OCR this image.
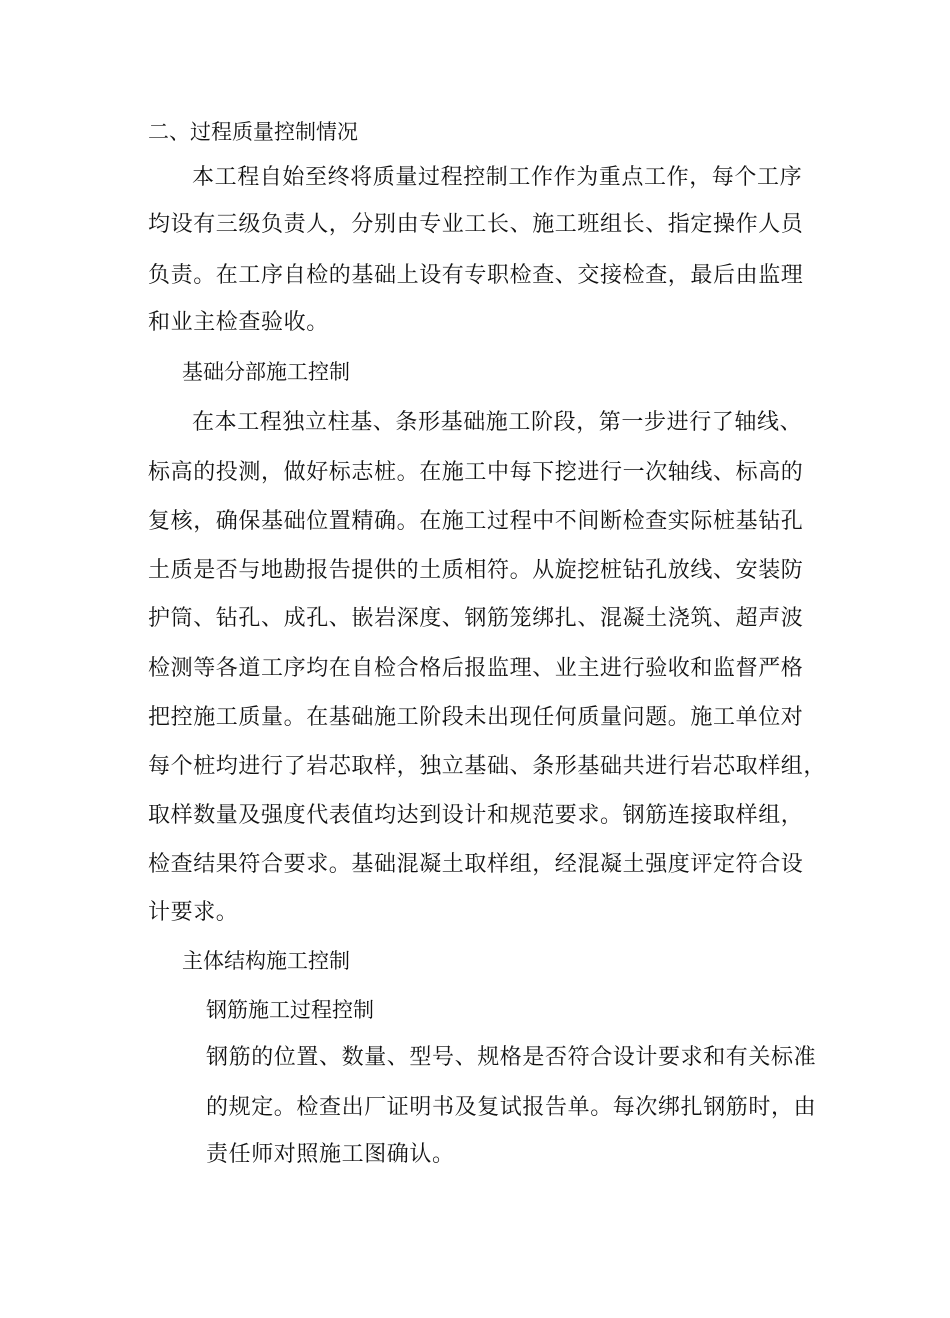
二、过程质量控制情况

本工程自始至终将质量过程控制工作作为重点工作，每个工序

均设有三级负责人，分别由专业工长、施工班组长、指定操作人员

负责。在工序自检的基础上设有专职检查、交接检查，最后由监理

和业主检查验收。

基础分部施工控制

在本工程独立柱基、条形基础施工阶段，第一步进行了轴线、

标高的投测，做好标志桩。在施工中每下挖进行一次轴线、标高的

复核，确保基础位置精确。在施工过程中不间断检查实际桩基钻孔

土质是否与地勘报告提供的土质相符。从旋挖桩钻孔放线、安装防

护筒、钻孔、成孔、嵌岩深度、钢筋笼绑扎、混凝土浇筑、超声波

检测等各道工序均在自检合格后报监理、业主进行验收和监督严格

把控施工质量。在基础施工阶段未出现任何质量问题。施工单位对

每个桩均进行了岩芯取样，独立基础、条形基础共进行岩芯取样组，

取样数量及强度代表值均达到设计和规范要求。钢筋连接取样组，

检查结果符合要求。基础混凝土取样组，经混凝土强度评定符合设

计要求。

主体结构施工控制

钢筋施工过程控制

钢筋的位置、数量、型号、规格是否符合设计要求和有关标准

的规定。检查出厂证明书及复试报告单。每次绑扎钢筋时，由

责任师对照施工图确认。
